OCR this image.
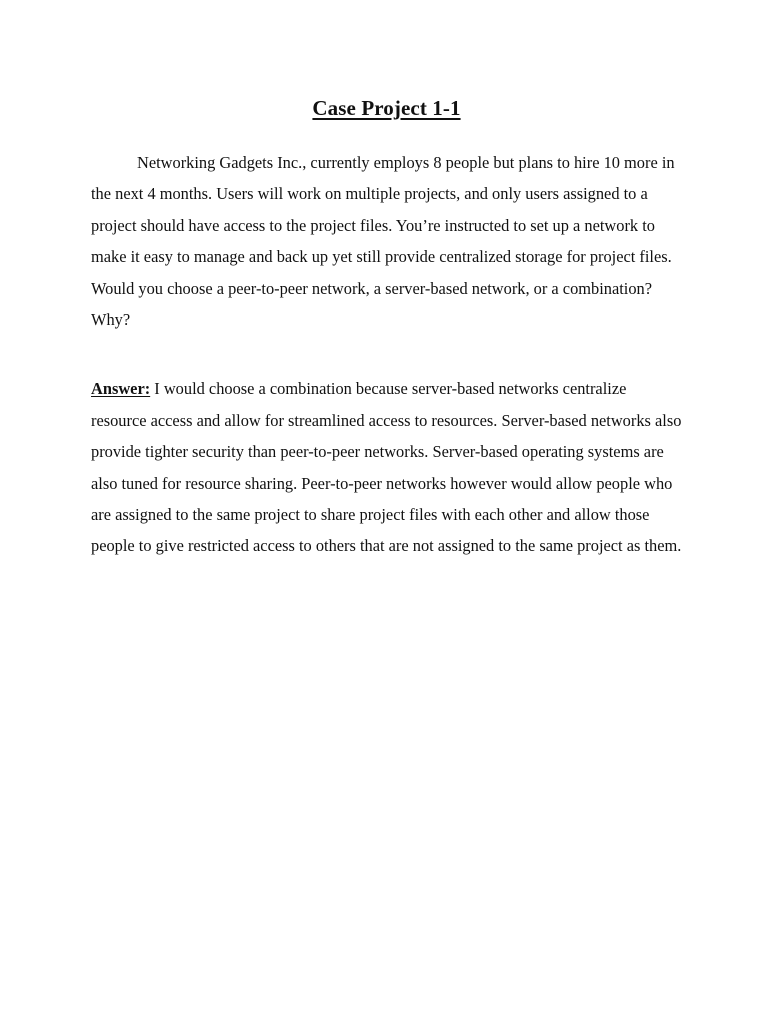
Case Project 1-1

Networking Gadgets Inc., currently employs 8 people but plans to hire 10 more in the next 4 months. Users will work on multiple projects, and only users assigned to a project should have access to the project files. You’re instructed to set up a network to make it easy to manage and back up yet still provide centralized storage for project files. Would you choose a peer-to-peer network, a server-based network, or a combination? Why?

Answer: I would choose a combination because server-based networks centralize resource access and allow for streamlined access to resources. Server-based networks also provide tighter security than peer-to-peer networks. Server-based operating systems are also tuned for resource sharing. Peer-to-peer networks however would allow people who are assigned to the same project to share project files with each other and allow those people to give restricted access to others that are not assigned to the same project as them.
